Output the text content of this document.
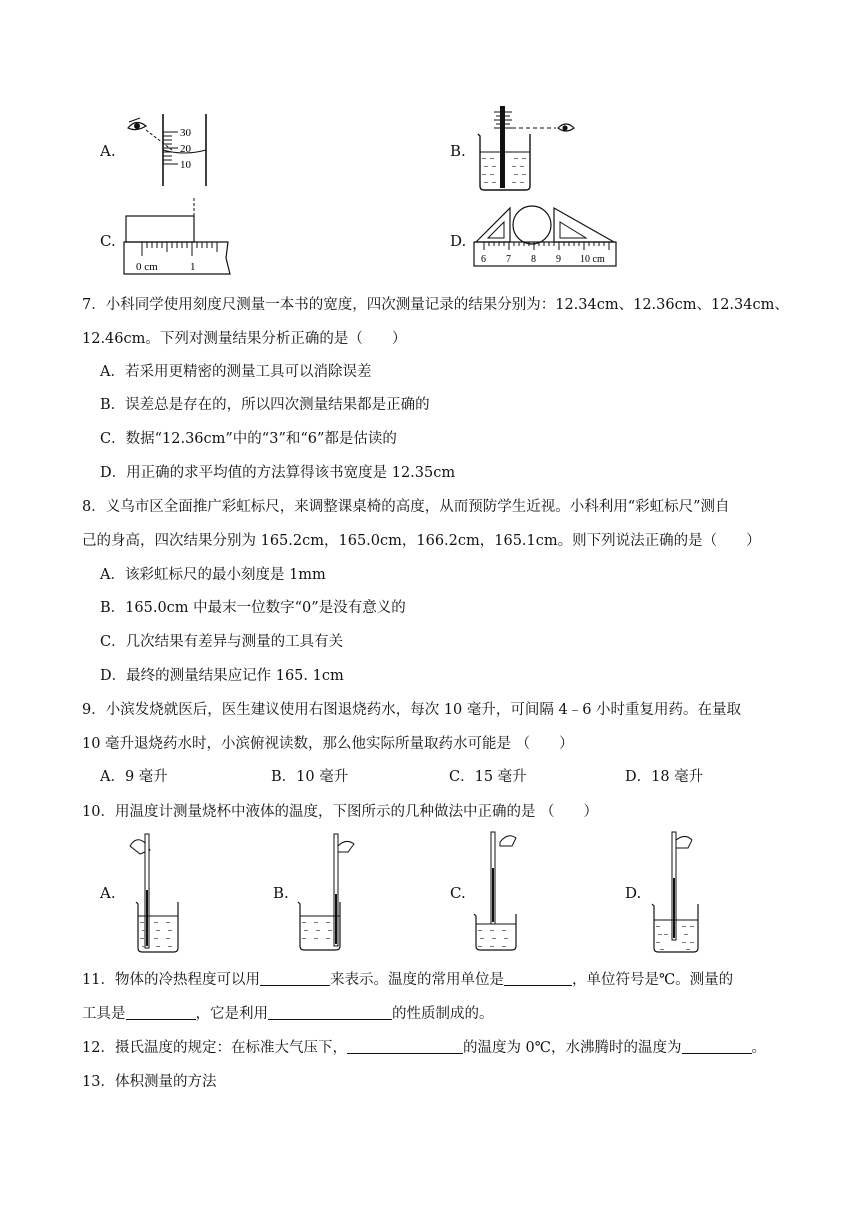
A.	B.
C.	D.
30
20
10
0 cm	1
6 7 8 9 10 cm
7．小科同学使用刻度尺测量一本书的宽度，四次测量记录的结果分别为：12.34cm、12.36cm、12.34cm、
12.46cm。下列对测量结果分析正确的是（　　）
A．若采用更精密的测量工具可以消除误差
B．误差总是存在的，所以四次测量结果都是正确的
C．数据“12.36cm”中的“3”和“6”都是估读的
D．用正确的求平均值的方法算得该书宽度是 12.35cm
8．义乌市区全面推广彩虹标尺，来调整课桌椅的高度，从而预防学生近视。小科利用“彩虹标尺”测自
己的身高，四次结果分别为 165.2cm，165.0cm，166.2cm，165.1cm。则下列说法正确的是（　　）
A．该彩虹标尺的最小刻度是 1mm
B．165.0cm 中最末一位数字“0”是没有意义的
C．几次结果有差异与测量的工具有关
D．最终的测量结果应记作 165. 1cm
9．小滨发烧就医后，医生建议使用右图退烧药水，每次 10 毫升，可间隔 4﹣6 小时重复用药。在量取
10 毫升退烧药水时，小滨俯视读数，那么他实际所量取药水可能是 （　　）
A．9 毫升	B．10 毫升	C．15 毫升	D．18 毫升
10．用温度计测量烧杯中液体的温度，下图所示的几种做法中正确的是 （　　）
A.	B.	C.	D.
11．物体的冷热程度可以用	来表示。温度的常用单位是	，单位符号是℃。测量的
工具是	，它是利用	的性质制成的。
12．摄氏温度的规定：在标准大气压下，	的温度为 0℃，水沸腾时的温度为	。
13．体积测量的方法
